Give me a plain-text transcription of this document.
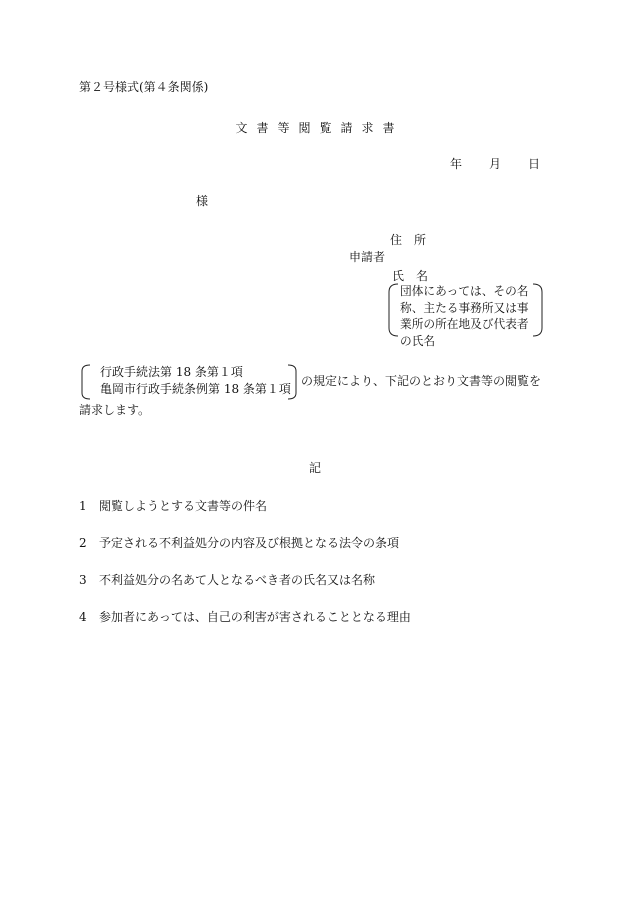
第２号様式(第４条関係)
文書等閲覧請求書
年 月 日
様
住　所
申請者
氏　名
団体にあっては、その名称、主たる事務所又は事業所の所在地及び代表者の氏名
行政手続法第 18 条第１項
亀岡市行政手続条例第 18 条第１項
の規定により、下記のとおり文書等の閲覧を
請求します。
記
1 閲覧しようとする文書等の件名
2 予定される不利益処分の内容及び根拠となる法令の条項
3 不利益処分の名あて人となるべき者の氏名又は名称
4 参加者にあっては、自己の利害が害されることとなる理由
